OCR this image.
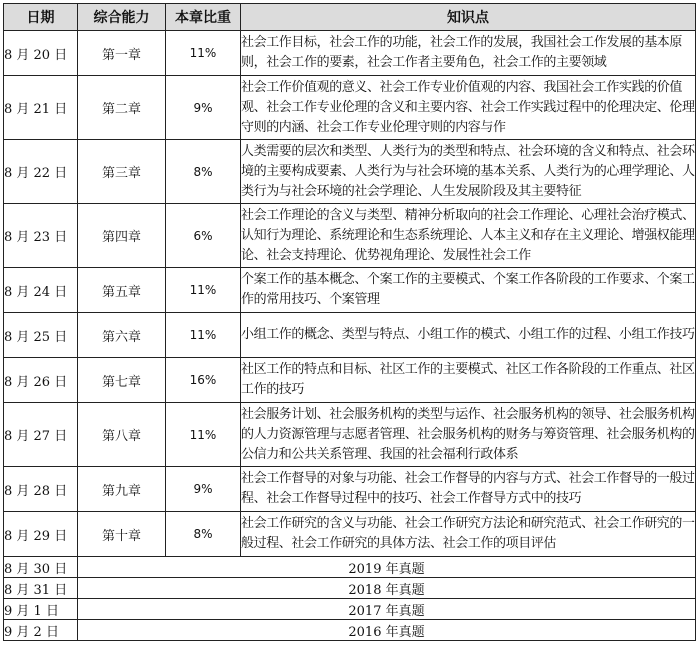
日期	综合能力	本章比重	知识点
8 月 20 日	第一章	11%	社会工作目标，社会工作的功能，社会工作的发展，我国社会工作发展的基本原则，社会工作的要素，社会工作者主要角色，社会工作的主要领域
8 月 21 日	第二章	9%	社会工作价值观的意义、社会工作专业价值观的内容、我国社会工作实践的价值观、社会工作专业伦理的含义和主要内容、社会工作实践过程中的伦理决定、伦理守则的内涵、社会工作专业伦理守则的内容与作
8 月 22 日	第三章	8%	人类需要的层次和类型、人类行为的类型和特点、社会环境的含义和特点、社会环境的主要构成要素、人类行为与社会环境的基本关系、人类行为的心理学理论、人类行为与社会环境的社会学理论、人生发展阶段及其主要特征
8 月 23 日	第四章	6%	社会工作理论的含义与类型、精神分析取向的社会工作理论、心理社会治疗模式、认知行为理论、系统理论和生态系统理论、人本主义和存在主义理论、增强权能理论、社会支持理论、优势视角理论、发展性社会工作
8 月 24 日	第五章	11%	个案工作的基本概念、个案工作的主要模式、个案工作各阶段的工作要求、个案工作的常用技巧、个案管理
8 月 25 日	第六章	11%	小组工作的概念、类型与特点、小组工作的模式、小组工作的过程、小组工作技巧
8 月 26 日	第七章	16%	社区工作的特点和目标、社区工作的主要模式、社区工作各阶段的工作重点、社区工作的技巧
8 月 27 日	第八章	11%	社会服务计划、社会服务机构的类型与运作、社会服务机构的领导、社会服务机构的人力资源管理与志愿者管理、社会服务机构的财务与筹资管理、社会服务机构的公信力和公共关系管理、我国的社会福利行政体系
8 月 28 日	第九章	9%	社会工作督导的对象与功能、社会工作督导的内容与方式、社会工作督导的一般过程、社会工作督导过程中的技巧、社会工作督导方式中的技巧
8 月 29 日	第十章	8%	社会工作研究的含义与功能、社会工作研究方法论和研究范式、社会工作研究的一般过程、社会工作研究的具体方法、社会工作的项目评估
8 月 30 日	2019 年真题		
8 月 31 日	2018 年真题		
9 月 1 日	2017 年真题		
9 月 2 日	2016 年真题		
